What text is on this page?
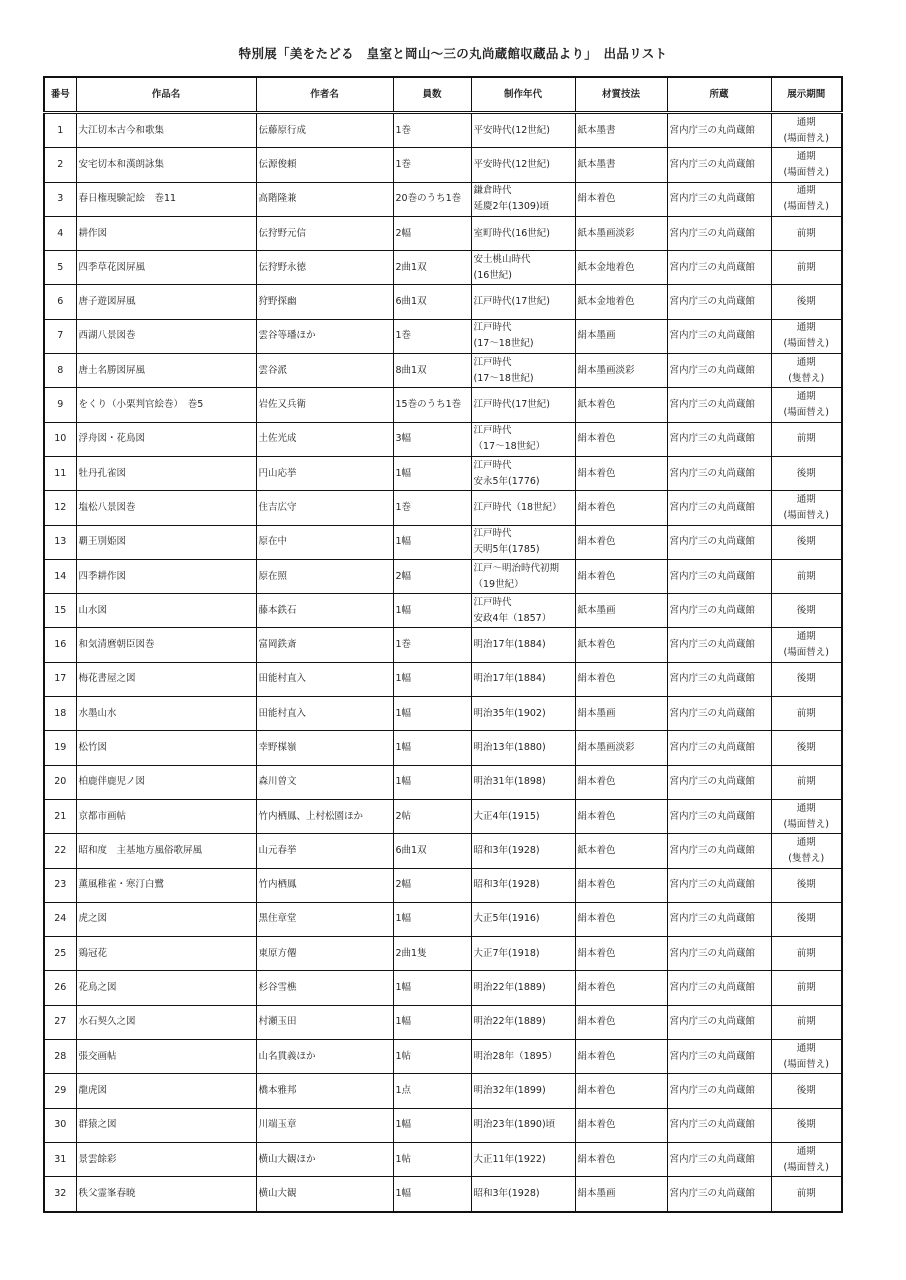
特別展「美をたどる　皇室と岡山〜三の丸尚蔵館収蔵品より」　出品リスト
番号	作品名	作者名	員数	制作年代	材質技法	所蔵	展示期間
1	大江切本古今和歌集	伝藤原行成	1巻	平安時代(12世紀)	紙本墨書	宮内庁三の丸尚蔵館	通期
(場面替え)
2	安宅切本和漢朗詠集	伝源俊頼	1巻	平安時代(12世紀)	紙本墨書	宮内庁三の丸尚蔵館	通期
(場面替え)
3	春日権現験記絵　巻11	高階隆兼	20巻のうち1巻	鎌倉時代
延慶2年(1309)頃	絹本着色	宮内庁三の丸尚蔵館	通期
(場面替え)
4	耕作図	伝狩野元信	2幅	室町時代(16世紀)	紙本墨画淡彩	宮内庁三の丸尚蔵館	前期
5	四季草花図屏風	伝狩野永徳	2曲1双	安土桃山時代
(16世紀)	紙本金地着色	宮内庁三の丸尚蔵館	前期
6	唐子遊図屏風	狩野探幽	6曲1双	江戸時代(17世紀)	紙本金地着色	宮内庁三の丸尚蔵館	後期
7	西湖八景図巻	雲谷等璠ほか	1巻	江戸時代
(17〜18世紀)	絹本墨画	宮内庁三の丸尚蔵館	通期
(場面替え)
8	唐土名勝図屏風	雲谷派	8曲1双	江戸時代
(17〜18世紀)	絹本墨画淡彩	宮内庁三の丸尚蔵館	通期
(隻替え)
9	をくり（小栗判官絵巻）　巻5	岩佐又兵衛	15巻のうち1巻	江戸時代(17世紀)	紙本着色	宮内庁三の丸尚蔵館	通期
(場面替え)
10	浮舟図・花鳥図	土佐光成	3幅	江戸時代
（17〜18世紀）	絹本着色	宮内庁三の丸尚蔵館	前期
11	牡丹孔雀図	円山応挙	1幅	江戸時代
安永5年(1776)	絹本着色	宮内庁三の丸尚蔵館	後期
12	塩松八景図巻	住吉広守	1巻	江戸時代（18世紀）	絹本着色	宮内庁三の丸尚蔵館	通期
(場面替え)
13	覇王別姫図	原在中	1幅	江戸時代
天明5年(1785)	絹本着色	宮内庁三の丸尚蔵館	後期
14	四季耕作図	原在照	2幅	江戸〜明治時代初期
（19世紀）	絹本着色	宮内庁三の丸尚蔵館	前期
15	山水図	藤本鉄石	1幅	江戸時代
安政4年（1857）	紙本墨画	宮内庁三の丸尚蔵館	後期
16	和気清麿朝臣図巻	富岡鉄斎	1巻	明治17年(1884)	紙本着色	宮内庁三の丸尚蔵館	通期
(場面替え)
17	梅花書屋之図	田能村直入	1幅	明治17年(1884)	絹本着色	宮内庁三の丸尚蔵館	後期
18	水墨山水	田能村直入	1幅	明治35年(1902)	絹本墨画	宮内庁三の丸尚蔵館	前期
19	松竹図	幸野楳嶺	1幅	明治13年(1880)	絹本墨画淡彩	宮内庁三の丸尚蔵館	後期
20	柏鹿伴鹿児ノ図	森川曽文	1幅	明治31年(1898)	絹本着色	宮内庁三の丸尚蔵館	前期
21	京都市画帖	竹内栖鳳、上村松園ほか	2帖	大正4年(1915)	絹本着色	宮内庁三の丸尚蔵館	通期
(場面替え)
22	昭和度　主基地方風俗歌屏風	山元春挙	6曲1双	昭和3年(1928)	紙本着色	宮内庁三の丸尚蔵館	通期
(隻替え)
23	薫風稚雀・寒汀白鷺	竹内栖鳳	2幅	昭和3年(1928)	絹本着色	宮内庁三の丸尚蔵館	後期
24	虎之図	黒住章堂	1幅	大正5年(1916)	絹本着色	宮内庁三の丸尚蔵館	後期
25	鶏冠花	東原方僊	2曲1隻	大正7年(1918)	絹本着色	宮内庁三の丸尚蔵館	前期
26	花鳥之図	杉谷雪樵	1幅	明治22年(1889)	絹本着色	宮内庁三の丸尚蔵館	前期
27	水石契久之図	村瀬玉田	1幅	明治22年(1889)	絹本着色	宮内庁三の丸尚蔵館	前期
28	張交画帖	山名貫義ほか	1帖	明治28年（1895）	絹本着色	宮内庁三の丸尚蔵館	通期
(場面替え)
29	龍虎図	橋本雅邦	1点	明治32年(1899)	絹本着色	宮内庁三の丸尚蔵館	後期
30	群猿之図	川端玉章	1幅	明治23年(1890)頃	絹本着色	宮内庁三の丸尚蔵館	後期
31	景雲餘彩	横山大観ほか	1帖	大正11年(1922)	絹本着色	宮内庁三の丸尚蔵館	通期
(場面替え)
32	秩父霊峯春暁	横山大観	1幅	昭和3年(1928)	絹本墨画	宮内庁三の丸尚蔵館	前期
